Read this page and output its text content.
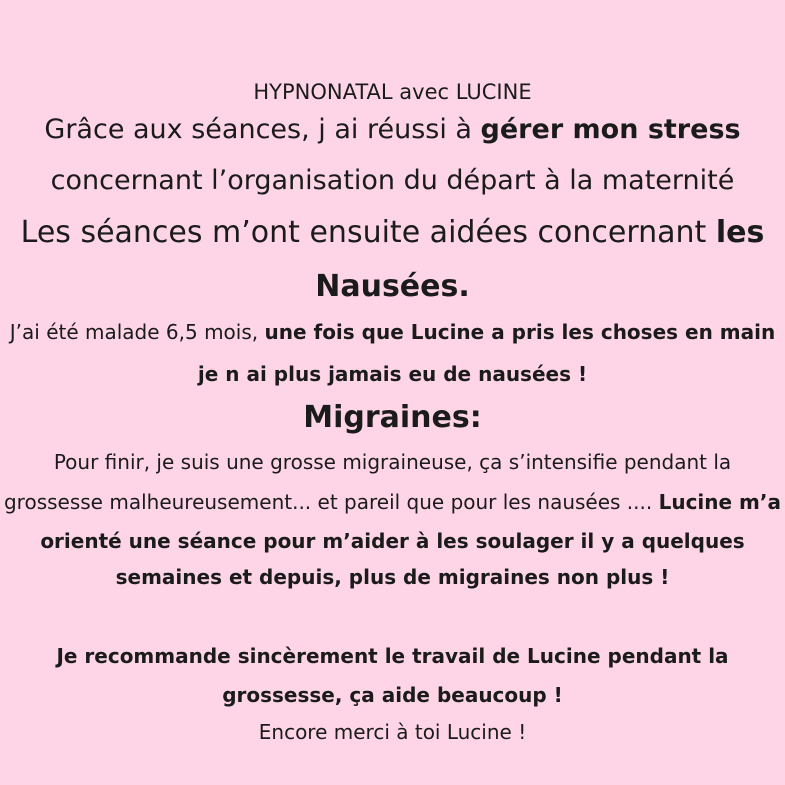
HYPNONATAL avec LUCINE
Grâce aux séances, j ai réussi à gérer mon stress
concernant l’organisation du départ à la maternité
Les séances m’ont ensuite aidées concernant les
Nausées.
J’ai été malade 6,5 mois, une fois que Lucine a pris les choses en main
je n ai plus jamais eu de nausées !
Migraines:
Pour finir, je suis une grosse migraineuse, ça s’intensifie pendant la
grossesse malheureusement... et pareil que pour les nausées .... Lucine m’a
orienté une séance pour m’aider à les soulager il y a quelques
semaines et depuis, plus de migraines non plus !
Je recommande sincèrement le travail de Lucine pendant la
grossesse, ça aide beaucoup !
Encore merci à toi Lucine !
